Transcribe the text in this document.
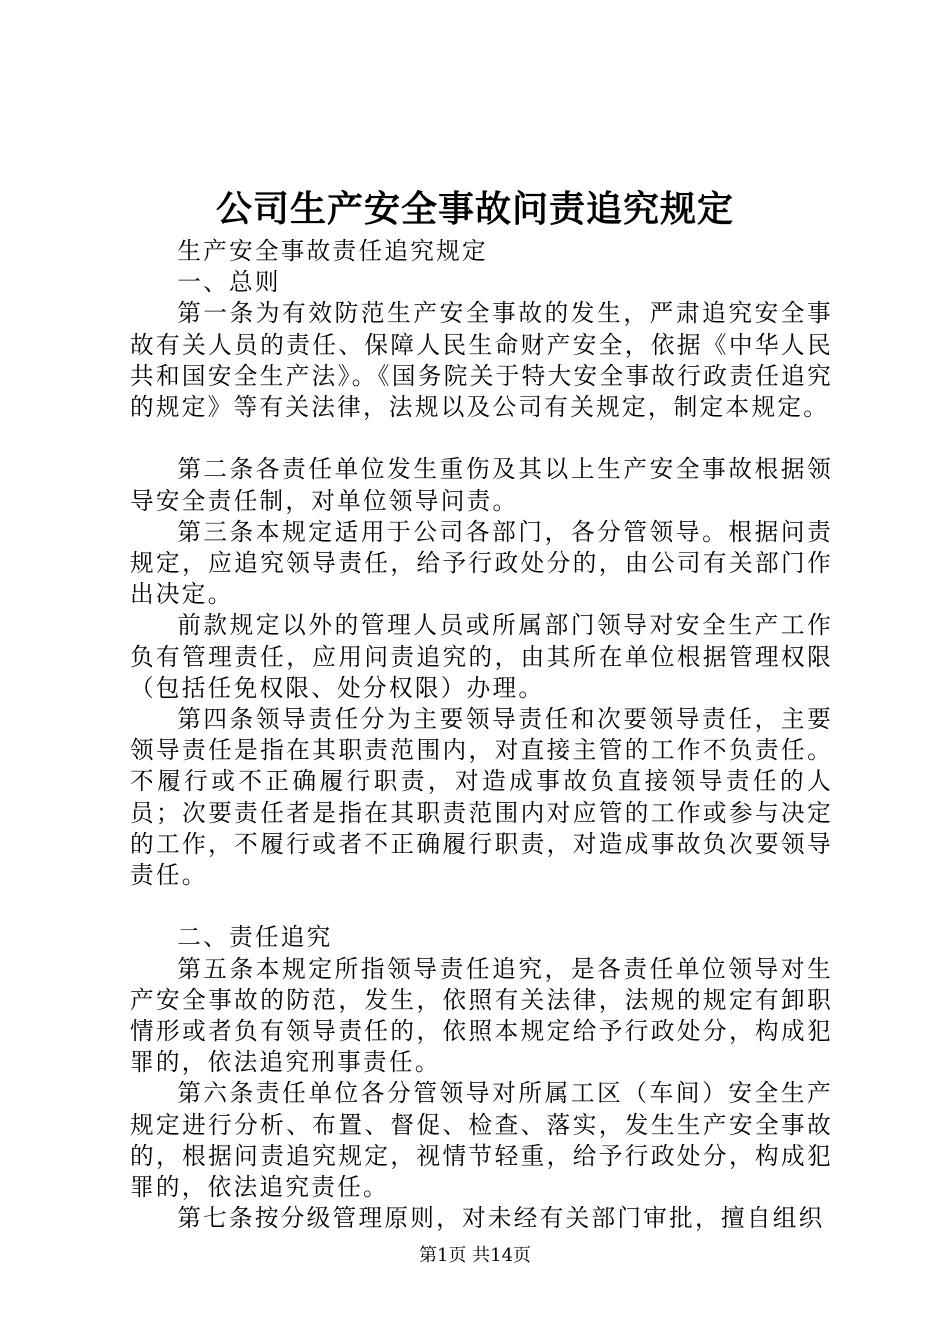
公司生产安全事故问责追究规定

生产安全事故责任追究规定

一、总则

第一条为有效防范生产安全事故的发生，严肃追究安全事故有关人员的责任、保障人民生命财产安全，依据《中华人民共和国安全生产法》。《国务院关于特大安全事故行政责任追究的规定》等有关法律，法规以及公司有关规定，制定本规定。

第二条各责任单位发生重伤及其以上生产安全事故根据领导安全责任制，对单位领导问责。

第三条本规定适用于公司各部门，各分管领导。根据问责规定，应追究领导责任，给予行政处分的，由公司有关部门作出决定。

前款规定以外的管理人员或所属部门领导对安全生产工作负有管理责任，应用问责追究的，由其所在单位根据管理权限（包括任免权限、处分权限）办理。

第四条领导责任分为主要领导责任和次要领导责任，主要领导责任是指在其职责范围内，对直接主管的工作不负责任。不履行或不正确履行职责，对造成事故负直接领导责任的人员；次要责任者是指在其职责范围内对应管的工作或参与决定的工作，不履行或者不正确履行职责，对造成事故负次要领导责任。

二、责任追究

第五条本规定所指领导责任追究，是各责任单位领导对生产安全事故的防范，发生，依照有关法律，法规的规定有卸职情形或者负有领导责任的，依照本规定给予行政处分，构成犯罪的，依法追究刑事责任。

第六条责任单位各分管领导对所属工区（车间）安全生产规定进行分析、布置、督促、检查、落实，发生生产安全事故的，根据问责追究规定，视情节轻重，给予行政处分，构成犯罪的，依法追究责任。

第七条按分级管理原则，对未经有关部门审批，擅自组织

第1页 共14页
